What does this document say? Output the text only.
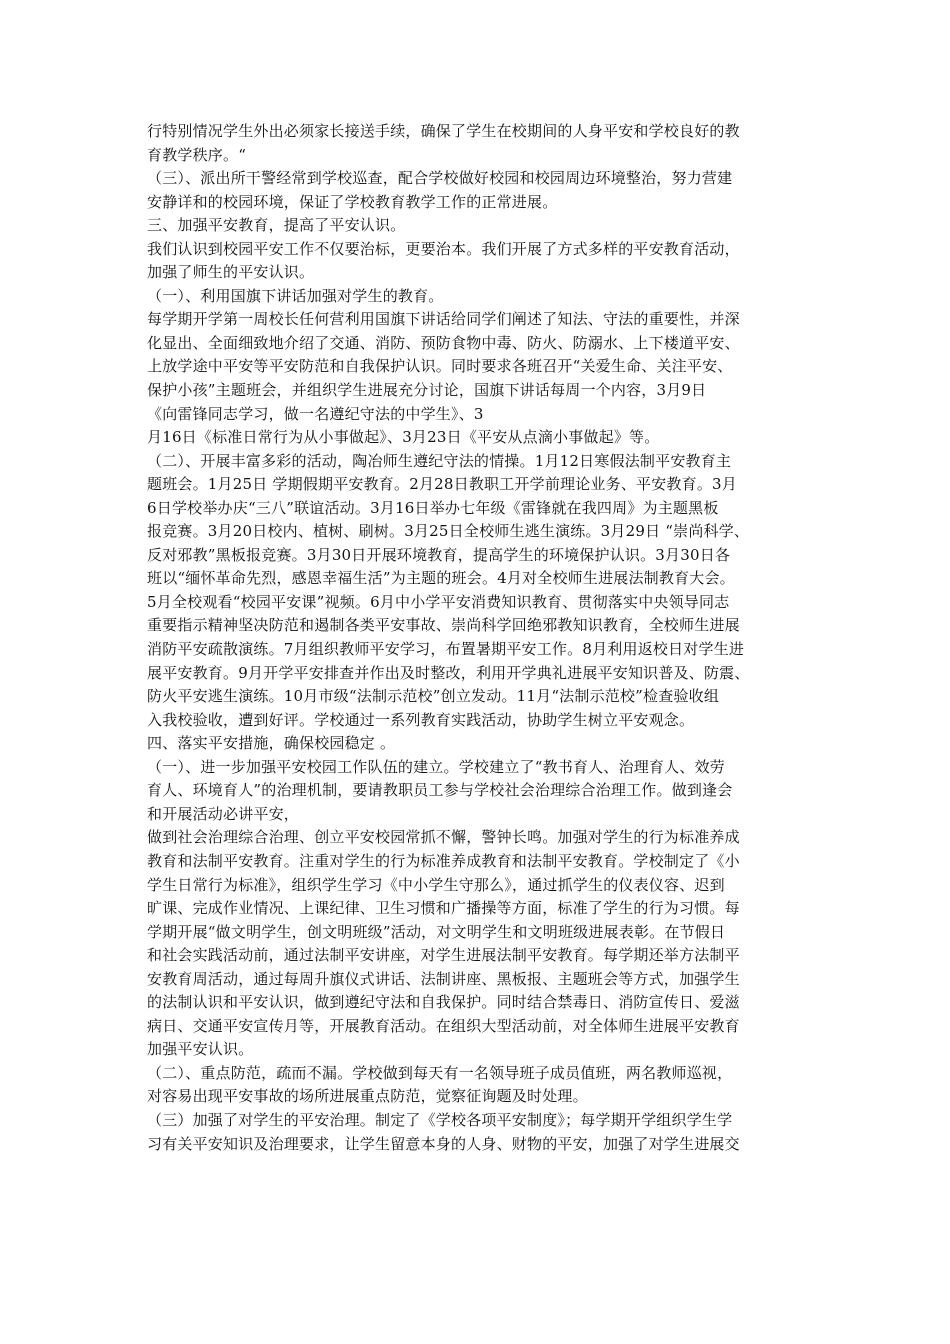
行特别情况学生外出必须家长接送手续，确保了学生在校期间的人身平安和学校良好的教
育教学秩序。“
（三）、派出所干警经常到学校巡查，配合学校做好校园和校园周边环境整治，努力营建
安静详和的校园环境，保证了学校教育教学工作的正常进展。
三、加强平安教育，提高了平安认识。
我们认识到校园平安工作不仅要治标，更要治本。我们开展了方式多样的平安教育活动，
加强了师生的平安认识。
（一）、利用国旗下讲话加强对学生的教育。
每学期开学第一周校长任何营利用国旗下讲话给同学们阐述了知法、守法的重要性，并深
化显出、全面细致地介绍了交通、消防、预防食物中毒、防火、防溺水、上下楼道平安、
上放学途中平安等平安防范和自我保护认识。同时要求各班召开“关爱生命、关注平安、
保护小孩”主题班会，并组织学生进展充分讨论，国旗下讲话每周一个内容，3月9日
《向雷锋同志学习，做一名遵纪守法的中学生》、3
月16日《标准日常行为从小事做起》、3月23日《平安从点滴小事做起》等。
（二）、开展丰富多彩的活动，陶冶师生遵纪守法的情操。1月12日寒假法制平安教育主
题班会。1月25日 学期假期平安教育。2月28日教职工开学前理论业务、平安教育。3月
6日学校举办庆“三八”联谊活动。3月16日举办七年级《雷锋就在我四周》为主题黑板
报竞赛。3月20日校内、植树、刷树。3月25日全校师生逃生演练。3月29日 “崇尚科学、
反对邪教”黑板报竞赛。3月30日开展环境教育，提高学生的环境保护认识。3月30日各
班以“缅怀革命先烈，感恩幸福生活”为主题的班会。4月对全校师生进展法制教育大会。
5月全校观看“校园平安课”视频。6月中小学平安消费知识教育、贯彻落实中央领导同志
重要指示精神坚决防范和遏制各类平安事故、崇尚科学回绝邪教知识教育，全校师生进展
消防平安疏散演练。7月组织教师平安学习，布置暑期平安工作。8月利用返校日对学生进
展平安教育。9月开学平安排查并作出及时整改，利用开学典礼进展平安知识普及、防震、
防火平安逃生演练。10月市级“法制示范校”创立发动。11月“法制示范校”检查验收组
入我校验收，遭到好评。学校通过一系列教育实践活动，协助学生树立平安观念。
四、落实平安措施，确保校园稳定 。
（一）、进一步加强平安校园工作队伍的建立。学校建立了“教书育人、治理育人、效劳
育人、环境育人”的治理机制，要请教职员工参与学校社会治理综合治理工作。做到逢会
和开展活动必讲平安，
做到社会治理综合治理、创立平安校园常抓不懈，警钟长鸣。加强对学生的行为标准养成
教育和法制平安教育。注重对学生的行为标准养成教育和法制平安教育。学校制定了《小
学生日常行为标准》，组织学生学习《中小学生守那么》，通过抓学生的仪表仪容、迟到
旷课、完成作业情况、上课纪律、卫生习惯和广播操等方面，标准了学生的行为习惯。每
学期开展“做文明学生，创文明班级”活动，对文明学生和文明班级进展表彰。在节假日
和社会实践活动前，通过法制平安讲座，对学生进展法制平安教育。每学期还举方法制平
安教育周活动，通过每周升旗仪式讲话、法制讲座、黑板报、主题班会等方式，加强学生
的法制认识和平安认识，做到遵纪守法和自我保护。同时结合禁毒日、消防宣传日、爱滋
病日、交通平安宣传月等，开展教育活动。在组织大型活动前，对全体师生进展平安教育
加强平安认识。
（二）、重点防范，疏而不漏。学校做到每天有一名领导班子成员值班，两名教师巡视，
对容易出现平安事故的场所进展重点防范，觉察征询题及时处理。
（三）加强了对学生的平安治理。制定了《学校各项平安制度》；每学期开学组织学生学
习有关平安知识及治理要求，让学生留意本身的人身、财物的平安，加强了对学生进展交
